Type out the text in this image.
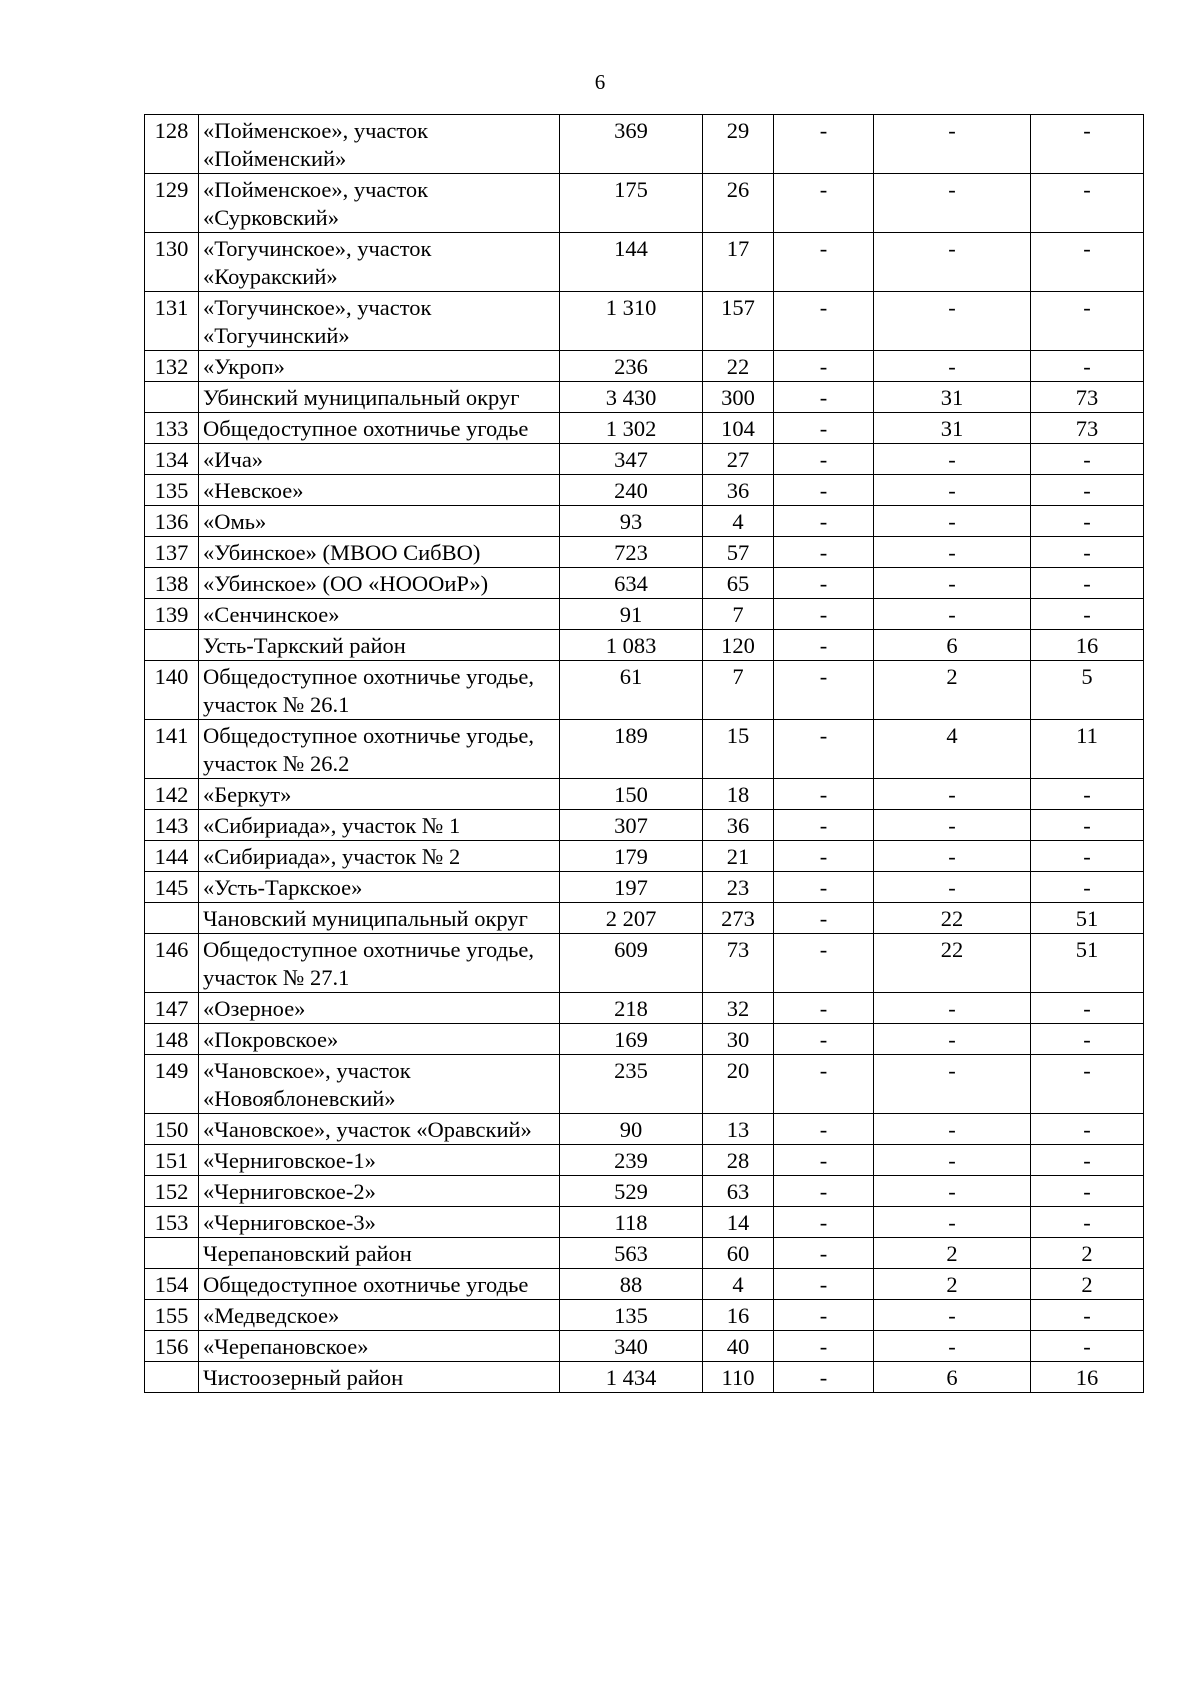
6
128	«Пойменское», участок «Пойменский»	369	29	-	-	-
129	«Пойменское», участок «Сурковский»	175	26	-	-	-
130	«Тогучинское», участок «Коуракский»	144	17	-	-	-
131	«Тогучинское», участок «Тогучинский»	1 310	157	-	-	-
132	«Укроп»	236	22	-	-	-
	Убинский муниципальный округ	3 430	300	-	31	73
133	Общедоступное охотничье угодье	1 302	104	-	31	73
134	«Ича»	347	27	-	-	-
135	«Невское»	240	36	-	-	-
136	«Омь»	93	4	-	-	-
137	«Убинское» (МВОО СибВО)	723	57	-	-	-
138	«Убинское» (ОО «НОООиР»)	634	65	-	-	-
139	«Сенчинское»	91	7	-	-	-
	Усть-Таркский район	1 083	120	-	6	16
140	Общедоступное охотничье угодье, участок № 26.1	61	7	-	2	5
141	Общедоступное охотничье угодье, участок № 26.2	189	15	-	4	11
142	«Беркут»	150	18	-	-	-
143	«Сибириада», участок № 1	307	36	-	-	-
144	«Сибириада», участок № 2	179	21	-	-	-
145	«Усть-Таркское»	197	23	-	-	-
	Чановский муниципальный округ	2 207	273	-	22	51
146	Общедоступное охотничье угодье, участок № 27.1	609	73	-	22	51
147	«Озерное»	218	32	-	-	-
148	«Покровское»	169	30	-	-	-
149	«Чановское», участок «Новояблоневский»	235	20	-	-	-
150	«Чановское», участок «Оравский»	90	13	-	-	-
151	«Черниговское-1»	239	28	-	-	-
152	«Черниговское-2»	529	63	-	-	-
153	«Черниговское-3»	118	14	-	-	-
	Черепановский район	563	60	-	2	2
154	Общедоступное охотничье угодье	88	4	-	2	2
155	«Медведское»	135	16	-	-	-
156	«Черепановское»	340	40	-	-	-
	Чистоозерный район	1 434	110	-	6	16
